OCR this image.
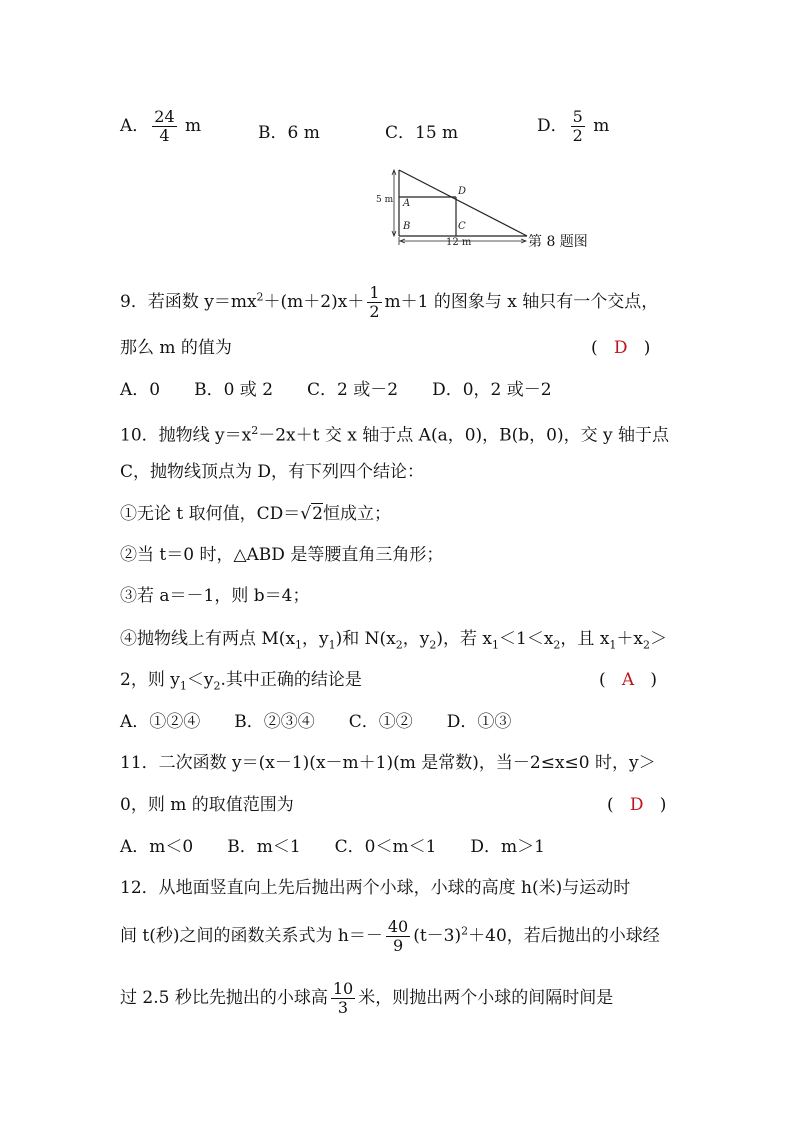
A． $\frac{24}{4}$ m	B．6 m	C．15 m	D． $\frac{5}{2}$ m
5 m A
B	C
D
12 m	第 8 题图
9．若函数 $y=mx^2+(m+2)x+ \frac{1}{2} m+1$ 的图象与 x 轴只有一个交点，
那么 m 的值为	( D )
A．0　　B．0 或 2　　C．2 或－2　　D．0，2 或－2
10．抛物线 $y=x^2-2x+t$ 交 x 轴于点 A(a，0)，B(b，0)，交 y 轴于点
C，抛物线顶点为 D，有下列四个结论：
①无论 t 取何值，CD＝√2恒成立；
②当 t＝0 时，△ABD 是等腰直角三角形；
③若 a＝－1，则 b＝4；
④抛物线上有两点 $M(x_1$，$y_1$)和 $N(x_2$，$y_2$)，若 $x_1<1<x_2$，且 $x_1+x_2>$
2，则 $y_1<y_2$.其中正确的结论是	( A )
A．①②④　　B．②③④　　C．①②　　D．①③
11．二次函数 y＝(x－1)(x－m＋1)(m 是常数)，当－2≤x≤0 时，y＞
0，则 m 的取值范围为	( D )
A．m＜0　　B．m＜1　　C．0＜m＜1　　D．m＞1
12．从地面竖直向上先后抛出两个小球，小球的高度 h(米)与运动时
间 t(秒)之间的函数关系式为 $h=- \frac{40}{9} (t-3)^2+40$，若后抛出的小球经
过 2.5 秒比先抛出的小球高 $\frac{10}{3}$ 米，则抛出两个小球的间隔时间是
